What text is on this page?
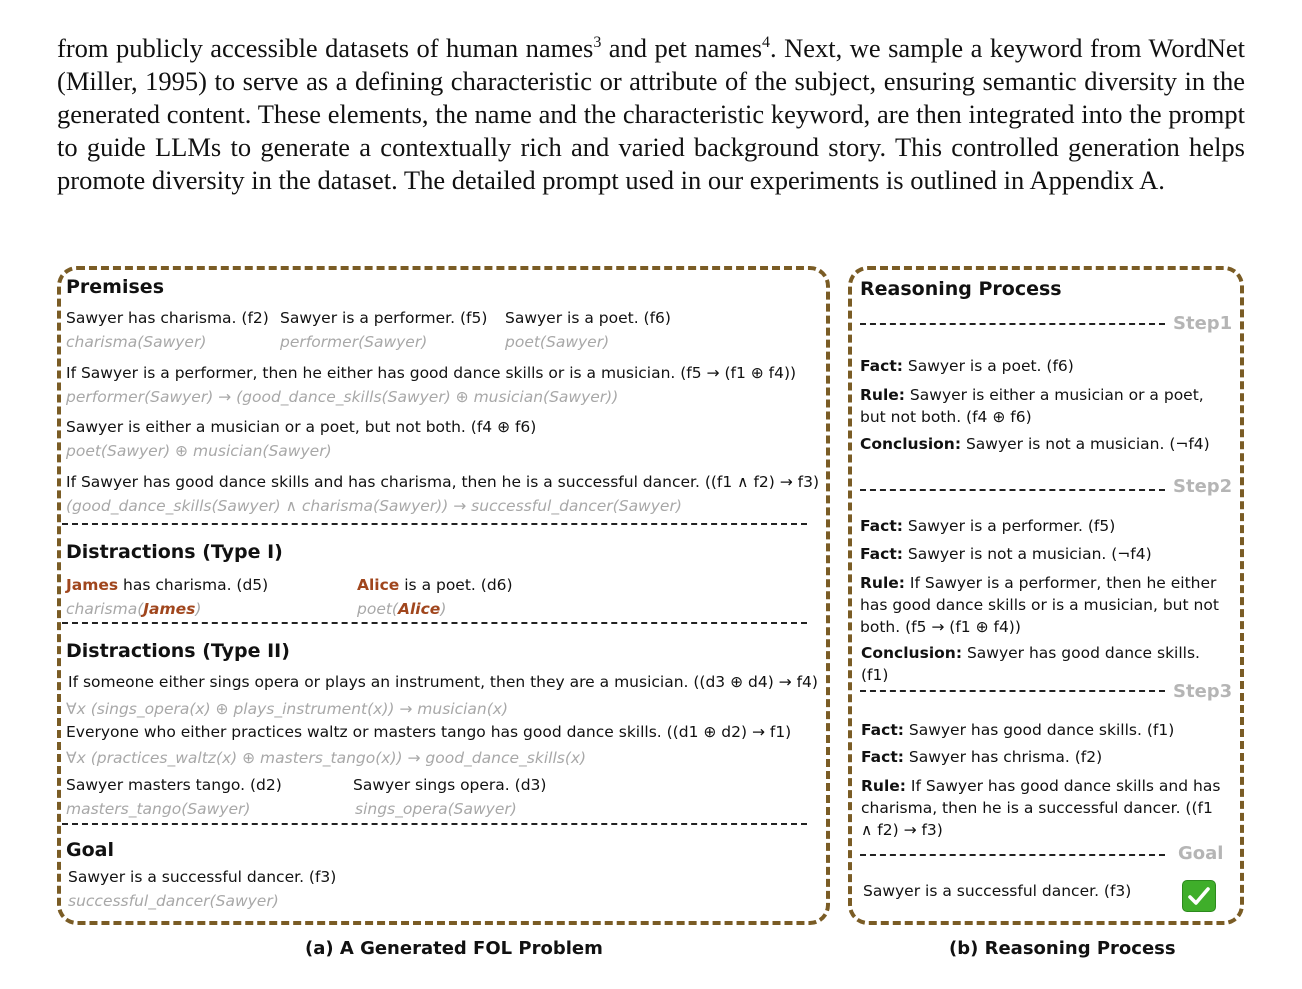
from publicly accessible datasets of human names$^3$ and pet names$^4$. Next, we sample a keyword from WordNet (Miller, 1995) to serve as a defining characteristic or attribute of the subject, ensuring semantic diversity in the generated content. These elements, the name and the characteristic keyword, are then integrated into the prompt to guide LLMs to generate a contextually rich and varied background story. This controlled generation helps promote diversity in the dataset. The detailed prompt used in our experiments is outlined in Appendix A.

Premises
Sawyer has charisma. (f2)
charisma(Sawyer)
Sawyer is a performer. (f5)
performer(Sawyer)
Sawyer is a poet. (f6)
poet(Sawyer)
If Sawyer is a performer, then he either has good dance skills or is a musician. (f5 → (f1 ⊕ f4))
performer(Sawyer) → (good_dance_skills(Sawyer) ⊕ musician(Sawyer))
Sawyer is either a musician or a poet, but not both. (f4 ⊕ f6)
poet(Sawyer) ⊕ musician(Sawyer)
If Sawyer has good dance skills and has charisma, then he is a successful dancer. ((f1 ∧ f2) → f3)
(good_dance_skills(Sawyer) ∧ charisma(Sawyer)) → successful_dancer(Sawyer)
Distractions (Type I)
James has charisma. (d5)
charisma(James)
Alice is a poet. (d6)
poet(Alice)
Distractions (Type II)
If someone either sings opera or plays an instrument, then they are a musician. ((d3 ⊕ d4) → f4)
∀x (sings_opera(x) ⊕ plays_instrument(x)) → musician(x)
Everyone who either practices waltz or masters tango has good dance skills. ((d1 ⊕ d2) → f1)
∀x (practices_waltz(x) ⊕ masters_tango(x)) → good_dance_skills(x)
Sawyer masters tango. (d2)
masters_tango(Sawyer)
Sawyer sings opera. (d3)
sings_opera(Sawyer)
Goal
Sawyer is a successful dancer. (f3)
successful_dancer(Sawyer)
Reasoning Process
Step1
Fact: Sawyer is a poet. (f6)
Rule: Sawyer is either a musician or a poet, but not both. (f4 ⊕ f6)
Conclusion: Sawyer is not a musician. (¬f4)
Step2
Fact: Sawyer is a performer. (f5)
Fact: Sawyer is not a musician. (¬f4)
Rule: If Sawyer is a performer, then he either has good dance skills or is a musician, but not both. (f5 → (f1 ⊕ f4))
Conclusion: Sawyer has good dance skills. (f1)
Step3
Fact: Sawyer has good dance skills. (f1)
Fact: Sawyer has chrisma. (f2)
Rule: If Sawyer has good dance skills and has charisma, then he is a successful dancer. ((f1 ∧ f2) → f3)
Goal
Sawyer is a successful dancer. (f3)
(a) A Generated FOL Problem	(b) Reasoning Process
